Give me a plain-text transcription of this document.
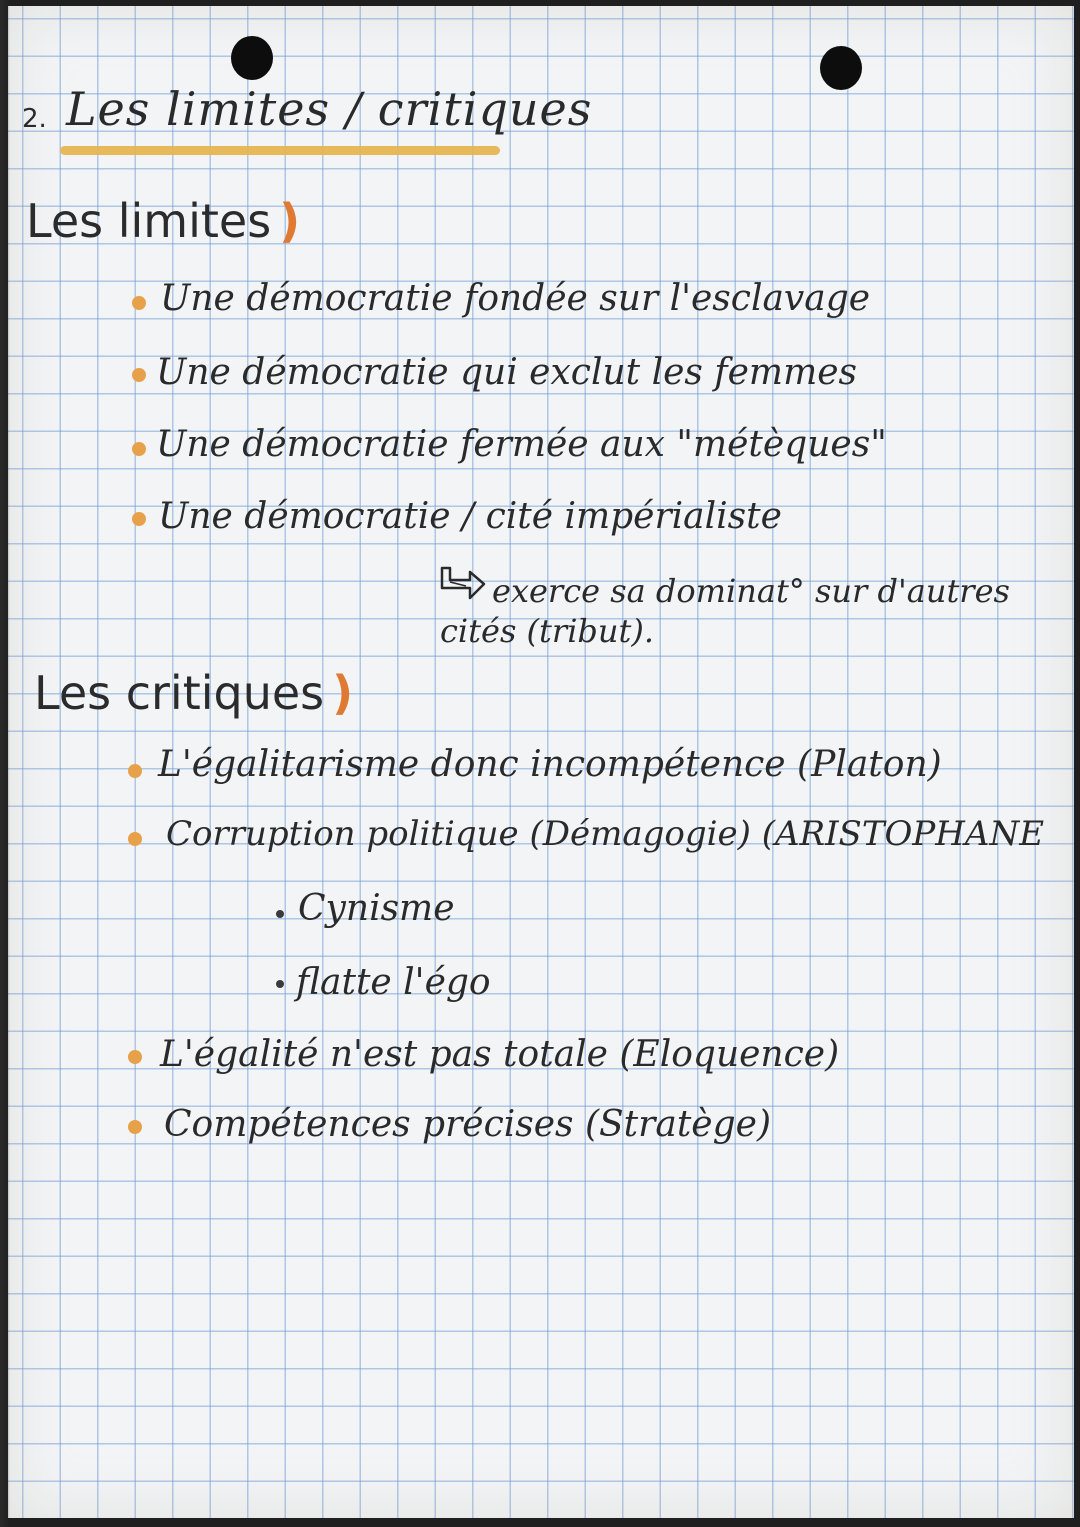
2. Les limites / critiques
Les limites )
Une démocratie fondée sur l'esclavage
Une démocratie qui exclut les femmes
Une démocratie fermée aux "métèques"
Une démocratie / cité impérialiste
exerce sa dominat° sur d'autres
cités (tribut).
Les critiques )
L'égalitarisme donc incompétence (Platon)
Corruption politique (Démagogie) (ARISTOPHANE
Cynisme
flatte l'égo
L'égalité n'est pas totale (Eloquence)
Compétences précises (Stratège)
